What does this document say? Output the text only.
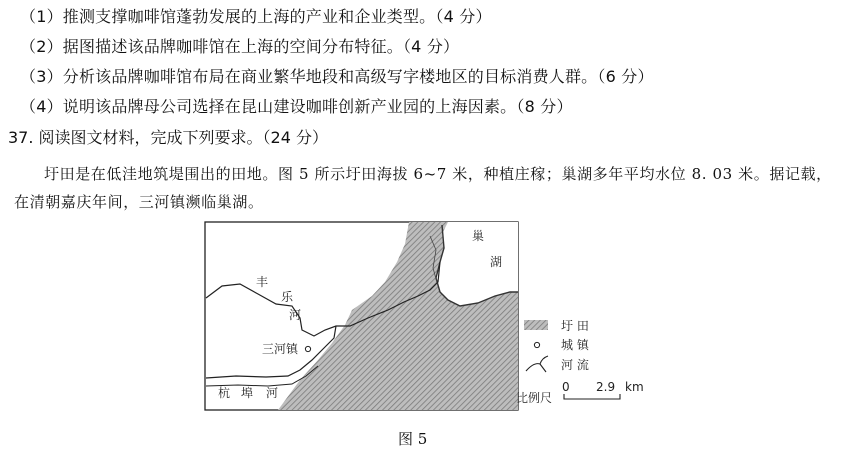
（1）推测支撑咖啡馆蓬勃发展的上海的产业和企业类型。（4 分）
（2）据图描述该品牌咖啡馆在上海的空间分布特征。（4 分）
（3）分析该品牌咖啡馆布局在商业繁华地段和高级写字楼地区的目标消费人群。（6 分）
（4）说明该品牌母公司选择在昆山建设咖啡创新产业园的上海因素。（8 分）
37. 阅读图文材料，完成下列要求。（24 分）
圩田是在低洼地筑堤围出的田地。图 5 所示圩田海拔 6~7 米，种植庄稼；巢湖多年平均水位 8. 03 米。据记载，在清朝嘉庆年间，三河镇濒临巢湖。
三河镇
巢
湖
丰
乐
河
杭 埠 河
圩 田
城 镇
河 流
比例尺
0 2.9 km
图 5
